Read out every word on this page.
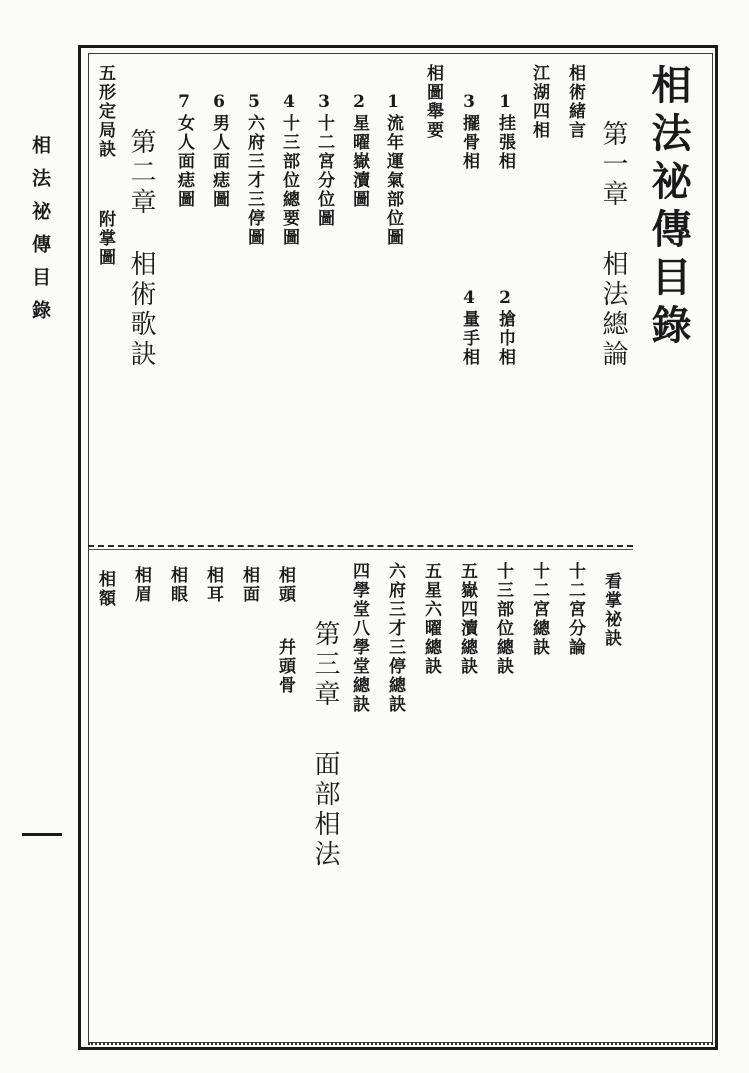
相法祕傳目錄	相法祕傳目錄
第一章
相法總論
相術緒言
江湖四相
1挂張相
2搶巾相
3擺骨相
4量手相
相圖舉要
1流年運氣部位圖
2星曜嶽瀆圖
3十二宮分位圖
4十三部位總要圖
5六府三才三停圖
6男人面痣圖
7女人面痣圖
第二章
相術歌訣
五形定局訣
附掌圖
看掌祕訣
十二宮分論
十二宮總訣
十三部位總訣
五嶽四瀆總訣
五星六曜總訣
六府三才三停總訣
四學堂八學堂總訣
第三章
面部相法
相頭
幷頭骨
相面
相耳
相眼
相眉
相額
